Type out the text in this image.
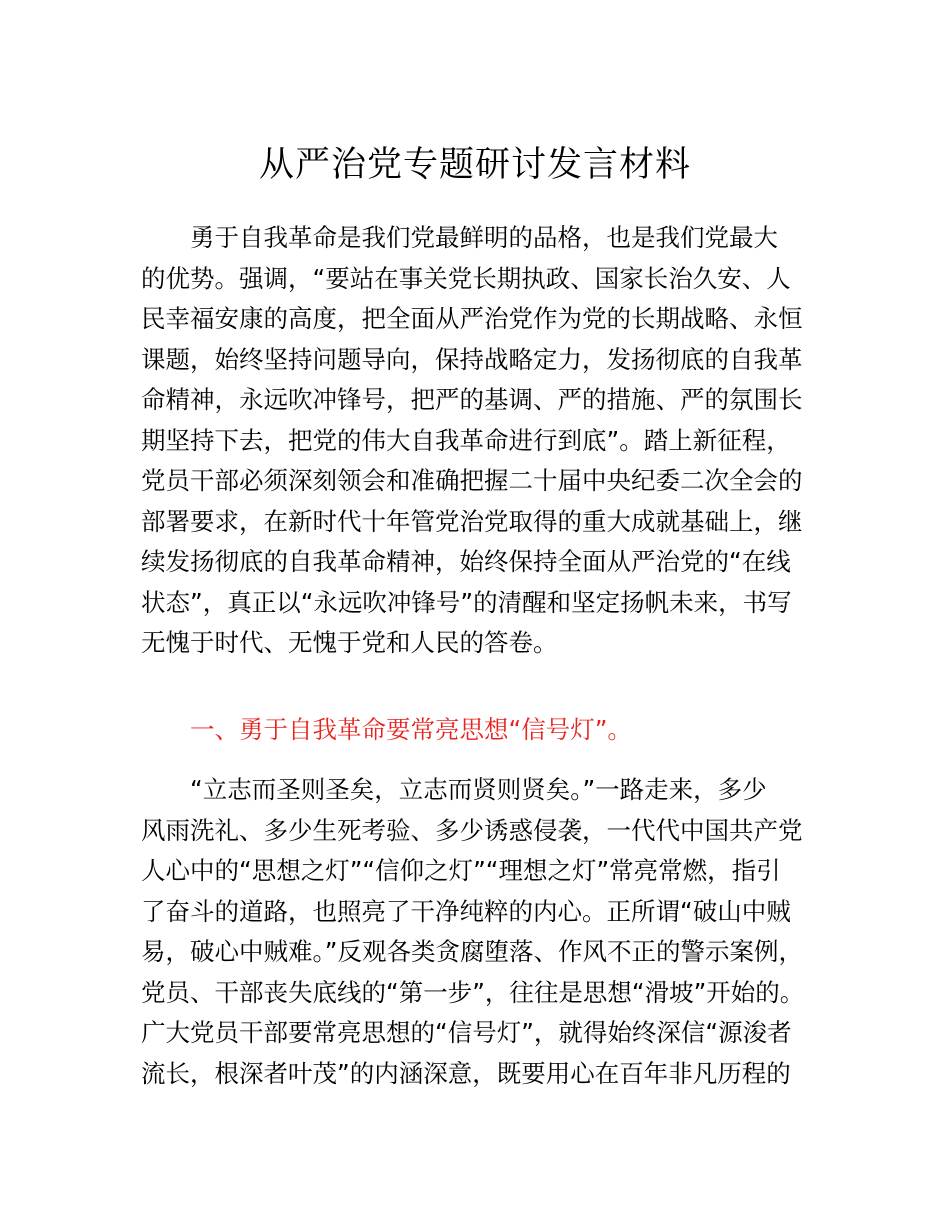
从严治党专题研讨发言材料
勇于自我革命是我们党最鲜明的品格，也是我们党最大
的优势。强调，“要站在事关党长期执政、国家长治久安、人
民幸福安康的高度，把全面从严治党作为党的长期战略、永恒
课题，始终坚持问题导向，保持战略定力，发扬彻底的自我革
命精神，永远吹冲锋号，把严的基调、严的措施、严的氛围长
期坚持下去，把党的伟大自我革命进行到底”。踏上新征程，
党员干部必须深刻领会和准确把握二十届中央纪委二次全会的
部署要求，在新时代十年管党治党取得的重大成就基础上，继
续发扬彻底的自我革命精神，始终保持全面从严治党的“在线
状态”，真正以“永远吹冲锋号”的清醒和坚定扬帆未来，书写
无愧于时代、无愧于党和人民的答卷。
一、勇于自我革命要常亮思想“信号灯”。
“立志而圣则圣矣，立志而贤则贤矣。”一路走来，多少
风雨洗礼、多少生死考验、多少诱惑侵袭，一代代中国共产党
人心中的“思想之灯”“信仰之灯”“理想之灯”常亮常燃，指引
了奋斗的道路，也照亮了干净纯粹的内心。正所谓“破山中贼
易，破心中贼难。”反观各类贪腐堕落、作风不正的警示案例，
党员、干部丧失底线的“第一步”，往往是思想“滑坡”开始的。
广大党员干部要常亮思想的“信号灯”，就得始终深信“源浚者
流长，根深者叶茂”的内涵深意，既要用心在百年非凡历程的
